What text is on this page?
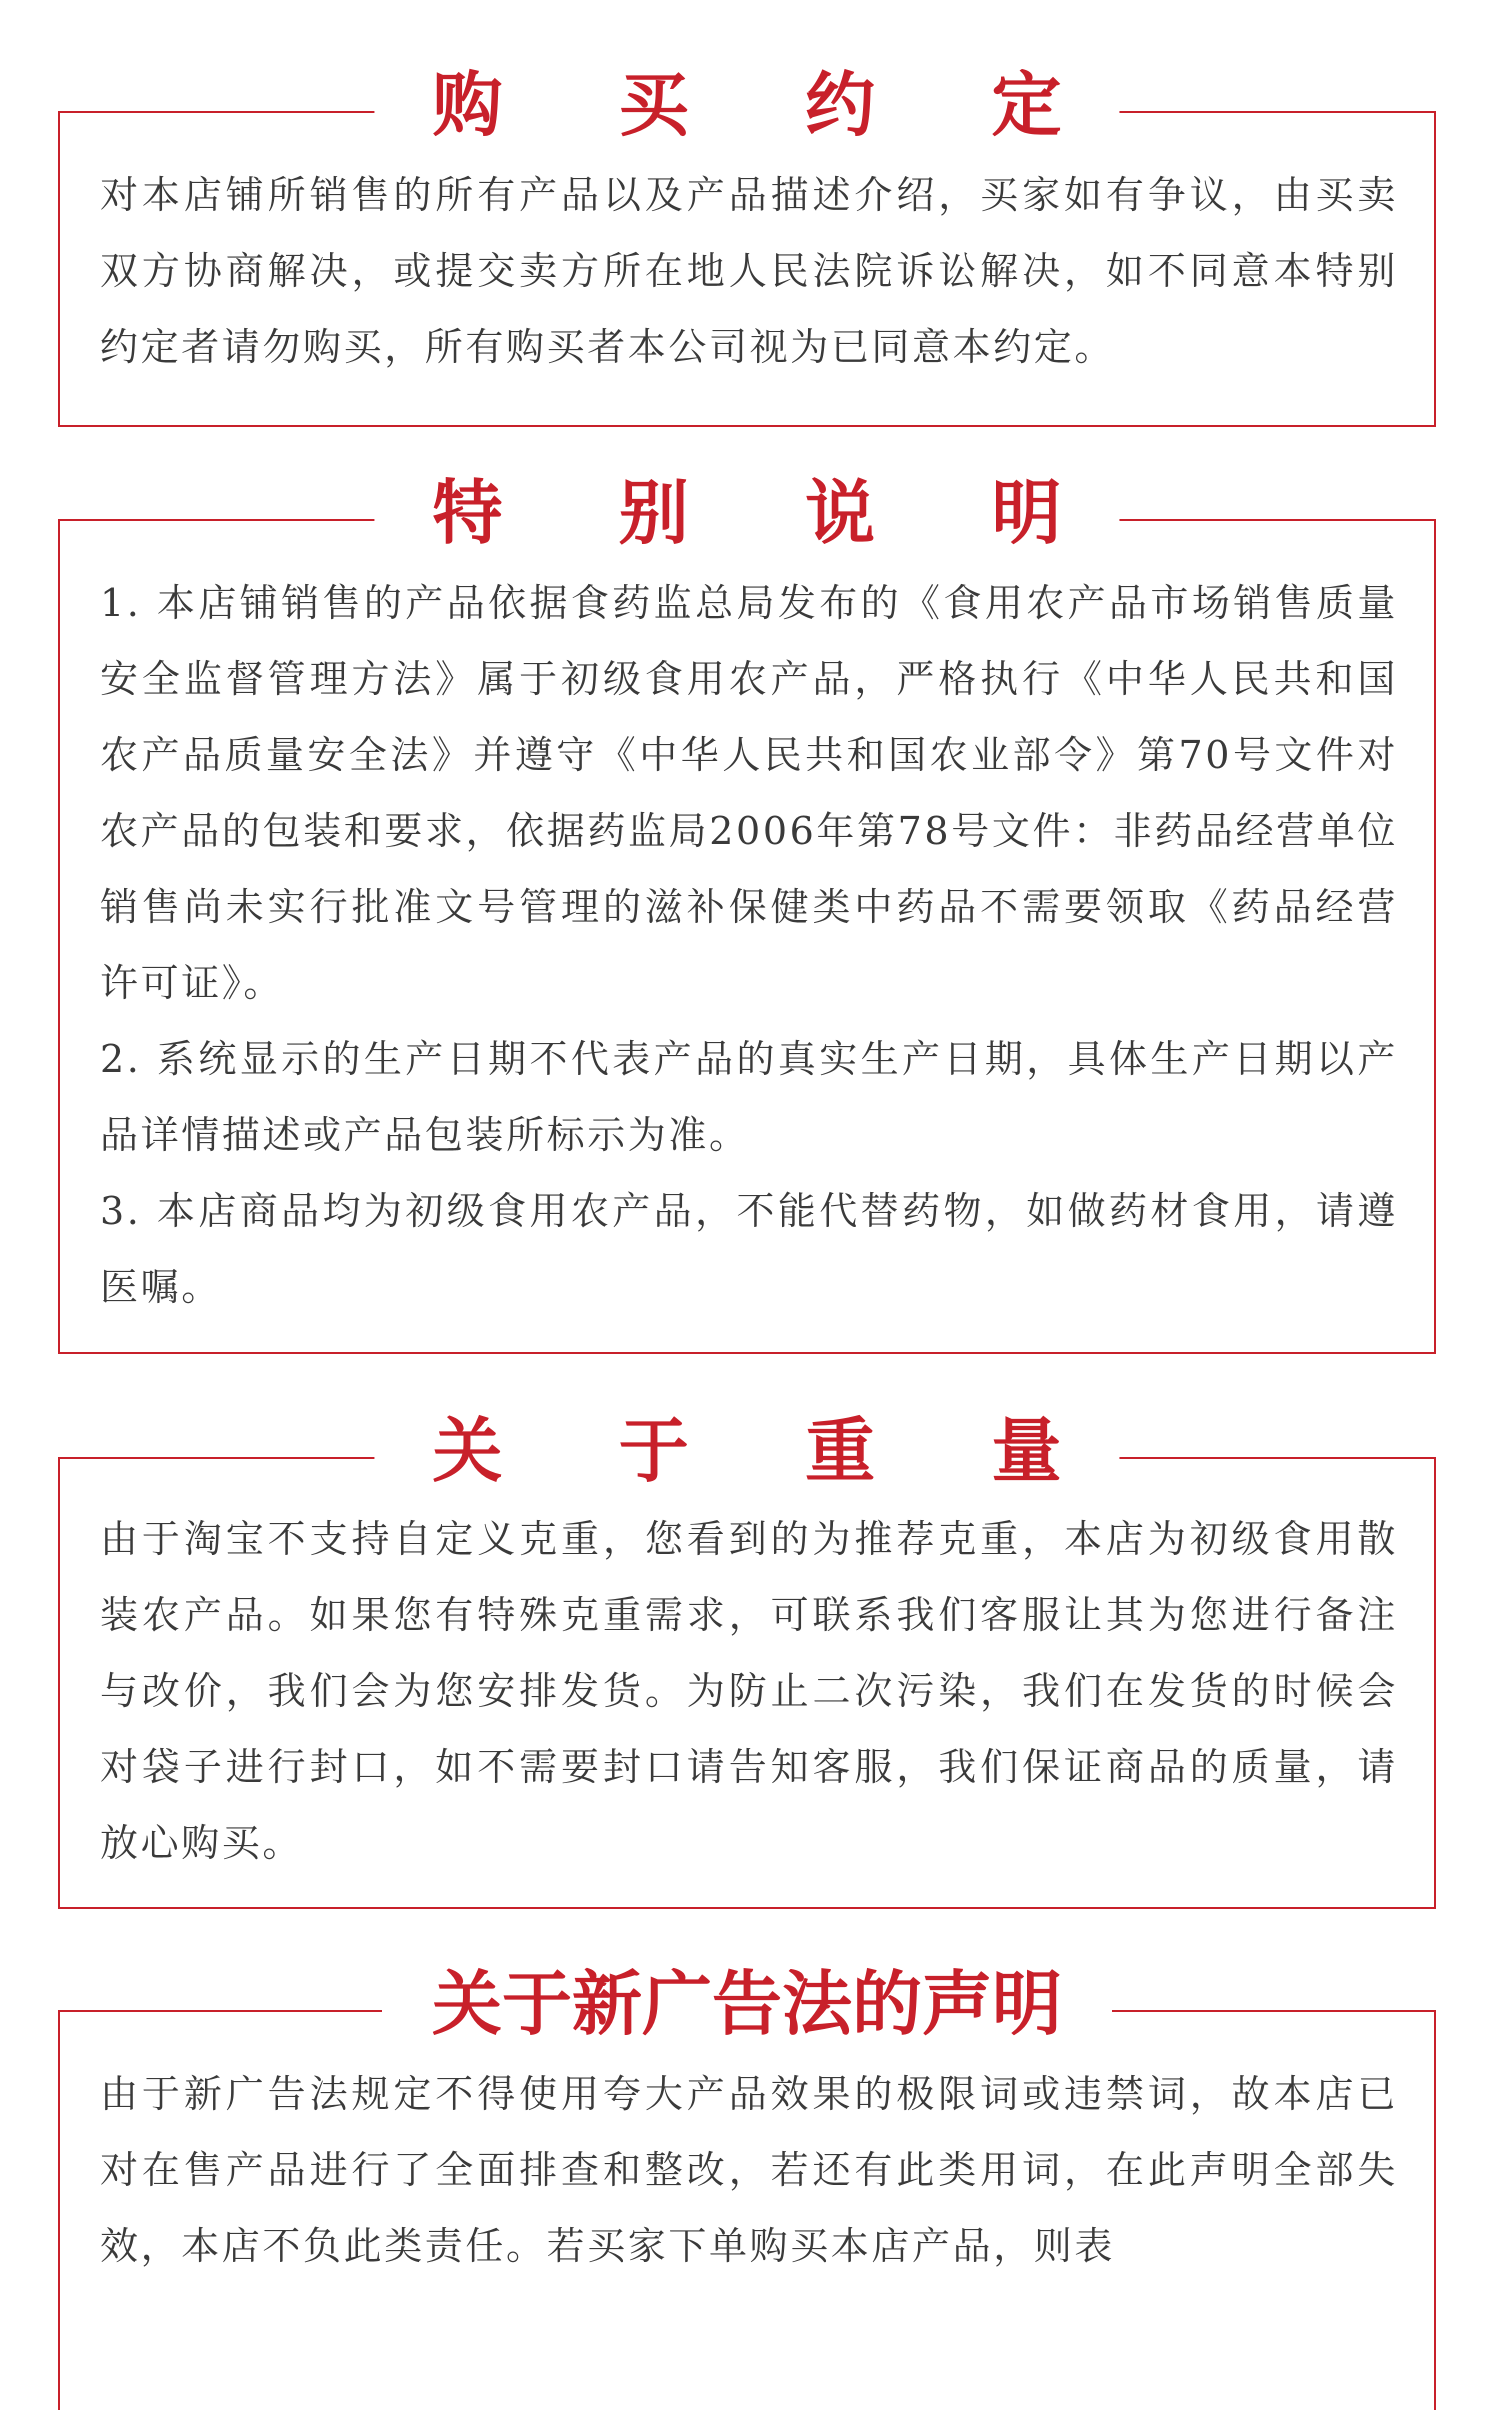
购 买 约 定

对本店铺所销售的所有产品以及产品描述介绍，买家如有争议，由买卖双方协商解决，或提交卖方所在地人民法院诉讼解决，如不同意本特别约定者请勿购买，所有购买者本公司视为已同意本约定。

特 别 说 明

1. 本店铺销售的产品依据食药监总局发布的《食用农产品市场销售质量安全监督管理方法》属于初级食用农产品，严格执行《中华人民共和国农产品质量安全法》并遵守《中华人民共和国农业部令》第70号文件对农产品的包装和要求，依据药监局2006年第78号文件：非药品经营单位销售尚未实行批准文号管理的滋补保健类中药品不需要领取《药品经营许可证》。

2. 系统显示的生产日期不代表产品的真实生产日期，具体生产日期以产品详情描述或产品包装所标示为准。

3. 本店商品均为初级食用农产品，不能代替药物，如做药材食用，请遵医嘱。

关 于 重 量

由于淘宝不支持自定义克重，您看到的为推荐克重，本店为初级食用散装农产品。如果您有特殊克重需求，可联系我们客服让其为您进行备注与改价，我们会为您安排发货。为防止二次污染，我们在发货的时候会对袋子进行封口，如不需要封口请告知客服，我们保证商品的质量，请放心购买。

关于新广告法的声明

由于新广告法规定不得使用夸大产品效果的极限词或违禁词，故本店已对在售产品进行了全面排查和整改，若还有此类用词，在此声明全部失效，本店不负此类责任。若买家下单购买本店产品，则表
